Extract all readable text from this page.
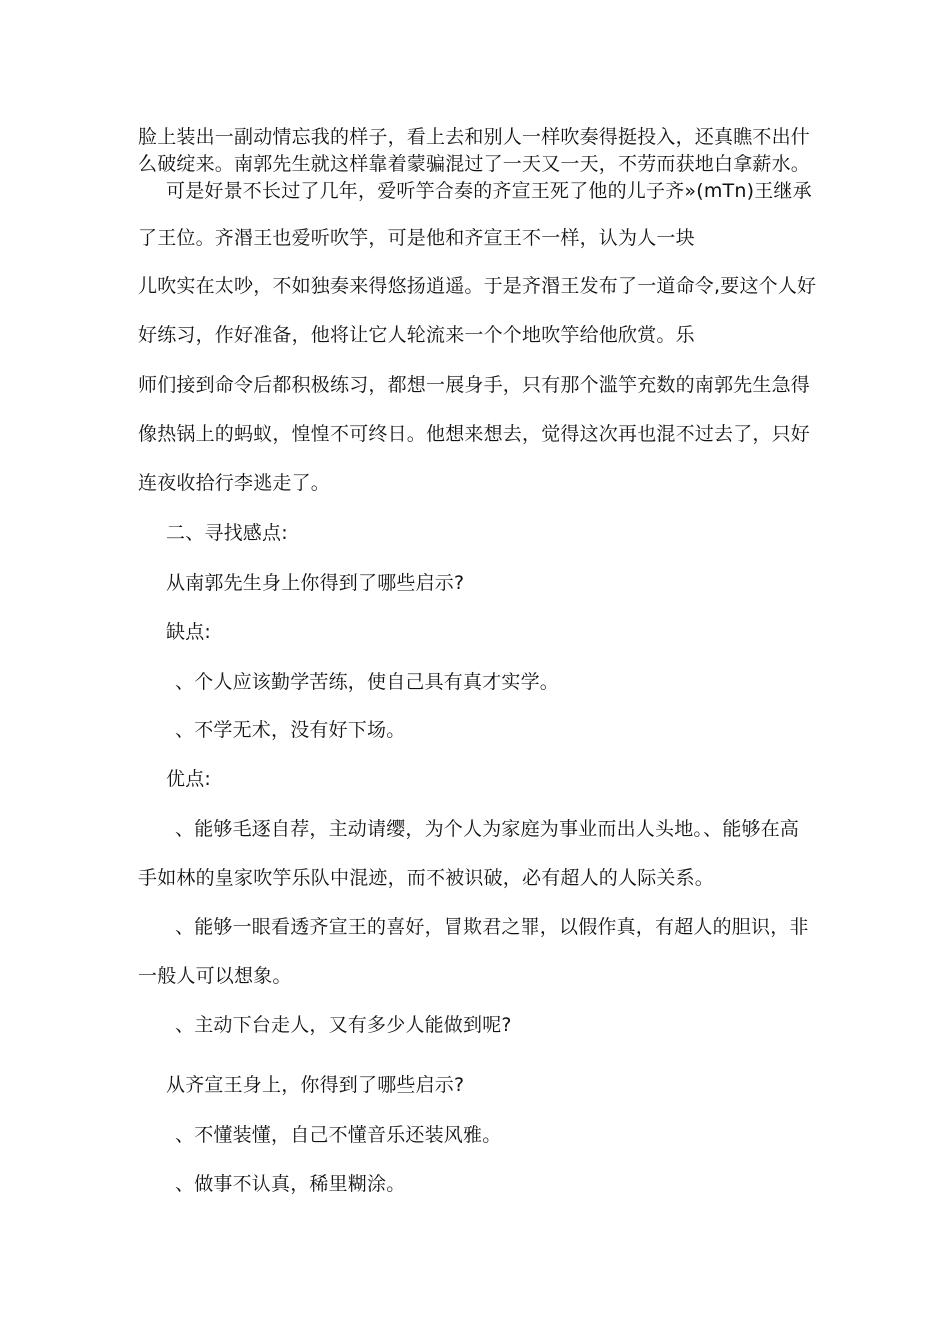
脸上装出一副动情忘我的样子，看上去和别人一样吹奏得挺投入，还真瞧不出什
么破绽来。南郭先生就这样靠着蒙骗混过了一天又一天，不劳而获地白拿薪水。
可是好景不长过了几年，爱听竽合奏的齐宣王死了他的儿子齐»(mTn)王继承
了王位。齐湣王也爱听吹竽，可是他和齐宣王不一样，认为人一块
儿吹实在太吵，不如独奏来得悠扬逍遥。于是齐湣王发布了一道命令,要这个人好
好练习，作好准备，他将让它人轮流来一个个地吹竽给他欣赏。乐
师们接到命令后都积极练习，都想一展身手，只有那个滥竽充数的南郭先生急得
像热锅上的蚂蚁，惶惶不可终日。他想来想去，觉得这次再也混不过去了，只好
连夜收拾行李逃走了。
二、寻找感点:
从南郭先生身上你得到了哪些启示?
缺点:
、个人应该勤学苦练，使自己具有真才实学。
、不学无术，没有好下场。
优点:
、能够毛逐自荐，主动请缨，为个人为家庭为事业而出人头地。、能够在高
手如林的皇家吹竽乐队中混迹，而不被识破，必有超人的人际关系。
、能够一眼看透齐宣王的喜好，冒欺君之罪，以假作真，有超人的胆识，非
一般人可以想象。
、主动下台走人，又有多少人能做到呢?
从齐宣王身上，你得到了哪些启示?
、不懂装懂，自己不懂音乐还装风雅。
、做事不认真，稀里糊涂。
